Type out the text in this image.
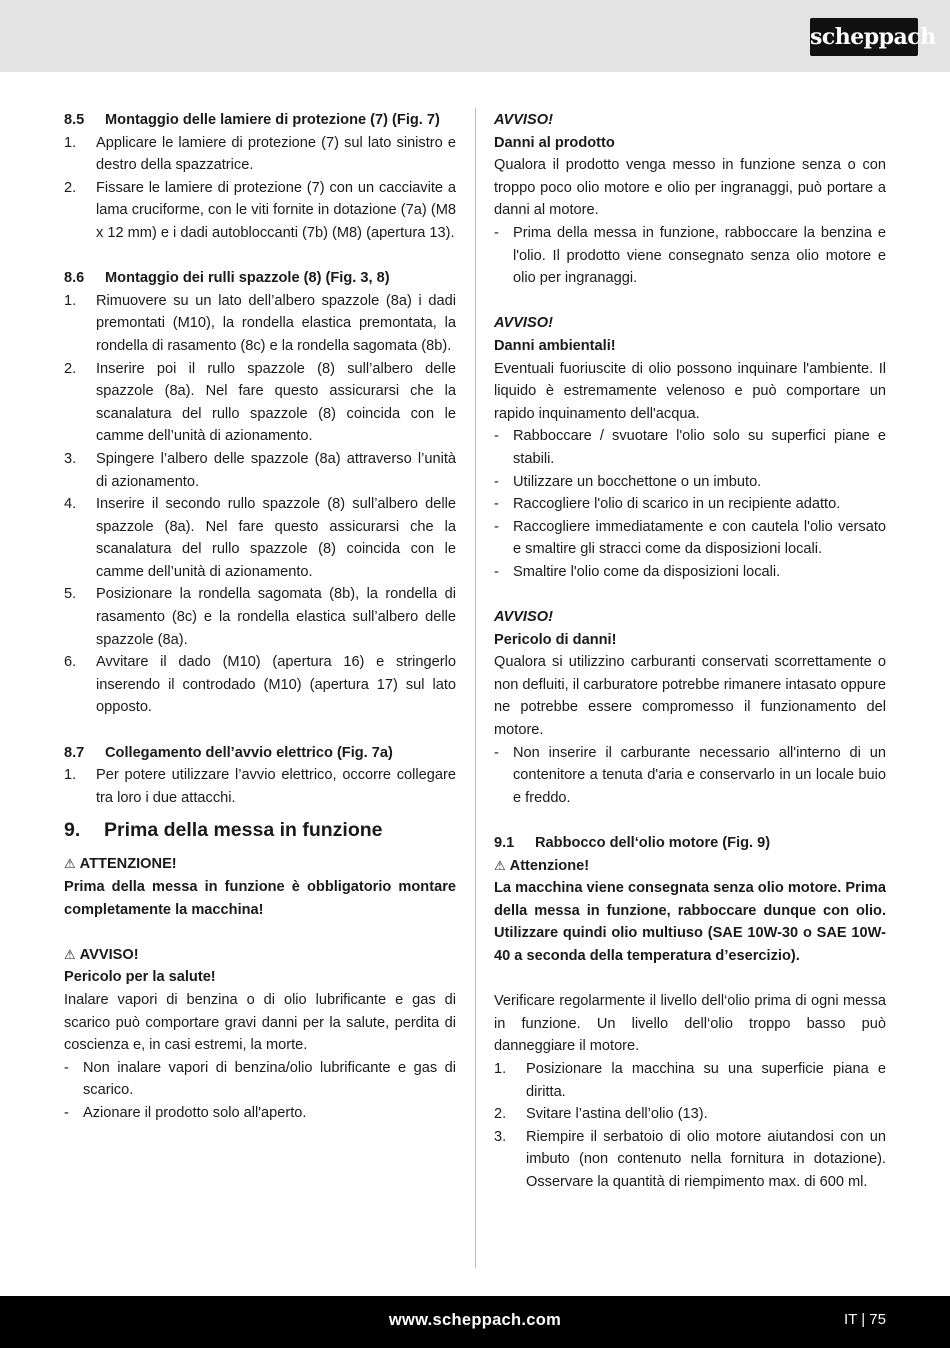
scheppach
8.5	Montaggio delle lamiere di protezione (7) (Fig. 7)
1.	Applicare le lamiere di protezione (7) sul lato sinistro e destro della spazzatrice.
2.	Fissare le lamiere di protezione (7) con un cacciavite a lama cruciforme, con le viti fornite in dotazione (7a) (M8 x 12 mm) e i dadi autobloccanti (7b) (M8) (apertura 13).
8.6	Montaggio dei rulli spazzole (8) (Fig. 3, 8)
1.	Rimuovere su un lato dell’albero spazzole (8a) i dadi premontati (M10), la rondella elastica premontata, la rondella di rasamento (8c) e la rondella sagomata (8b).
2.	Inserire poi il rullo spazzole (8) sull’albero delle spazzole (8a). Nel fare questo assicurarsi che la scanalatura del rullo spazzole (8) coincida con le camme dell’unità di azionamento.
3.	Spingere l’albero delle spazzole (8a) attraverso l’unità di azionamento.
4.	Inserire il secondo rullo spazzole (8) sull’albero delle spazzole (8a). Nel fare questo assicurarsi che la scanalatura del rullo spazzole (8) coincida con le camme dell’unità di azionamento.
5.	Posizionare la rondella sagomata (8b), la rondella di rasamento (8c) e la rondella elastica sull’albero delle spazzole (8a).
6.	Avvitare il dado (M10) (apertura 16) e stringerlo inserendo il controdado (M10) (apertura 17) sul lato opposto.
8.7	Collegamento dell’avvio elettrico (Fig. 7a)
1.	Per potere utilizzare l’avvio elettrico, occorre collegare tra loro i due attacchi.
9.	Prima della messa in funzione

⚠ ATTENZIONE!

Prima della messa in funzione è obbligatorio montare completamente la macchina!

⚠ AVVISO!

Pericolo per la salute!

Inalare vapori di benzina o di olio lubrificante e gas di scarico può comportare gravi danni per la salute, perdita di coscienza e, in casi estremi, la morte.

- Non inalare vapori di benzina/olio lubrificante e gas di scarico.
- Azionare il prodotto solo all'aperto.

AVVISO!

Danni al prodotto

Qualora il prodotto venga messo in funzione senza o con troppo poco olio motore e olio per ingranaggi, può portare a danni al motore.

- Prima della messa in funzione, rabboccare la benzina e l'olio. Il prodotto viene consegnato senza olio motore e olio per ingranaggi.

AVVISO!

Danni ambientali!

Eventuali fuoriuscite di olio possono inquinare l'ambiente. Il liquido è estremamente velenoso e può comportare un rapido inquinamento dell'acqua.

- Rabboccare / svuotare l'olio solo su superfici piane e stabili.
- Utilizzare un bocchettone o un imbuto.
- Raccogliere l'olio di scarico in un recipiente adatto.
- Raccogliere immediatamente e con cautela l'olio versato e smaltire gli stracci come da disposizioni locali.
- Smaltire l'olio come da disposizioni locali.

AVVISO!

Pericolo di danni!

Qualora si utilizzino carburanti conservati scorrettamente o non defluiti, il carburatore potrebbe rimanere intasato oppure ne potrebbe essere compromesso il funzionamento del motore.

- Non inserire il carburante necessario all'interno di un contenitore a tenuta d'aria e conservarlo in un locale buio e freddo.
9.1	Rabbocco dell‘olio motore (Fig. 9)

⚠ Attenzione!

La macchina viene consegnata senza olio motore. Prima della messa in funzione, rabboccare dunque con olio. Utilizzare quindi olio multiuso (SAE 10W-30 o SAE 10W-40 a seconda della temperatura d’esercizio).

Verificare regolarmente il livello dell‘olio prima di ogni messa in funzione. Un livello dell‘olio troppo basso può danneggiare il motore.

1.	Posizionare la macchina su una superficie piana e diritta.
2.	Svitare l’astina dell’olio (13).
3.	Riempire il serbatoio di olio motore aiutandosi con un imbuto (non contenuto nella fornitura in dotazione). Osservare la quantità di riempimento max. di 600 ml.
www.scheppach.com	IT | 75
